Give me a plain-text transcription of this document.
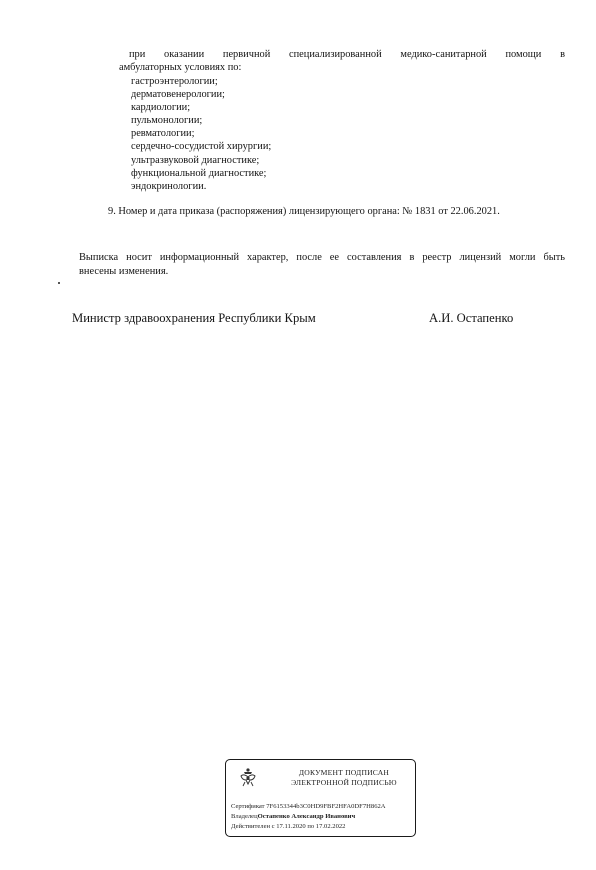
при оказании первичной специализированной медико-санитарной помощи в
амбулаторных условиях по:
гастроэнтерологии;
дерматовенерологии;
кардиологии;
пульмонологии;
ревматологии;
сердечно-сосудистой хирургии;
ультразвуковой диагностике;
функциональной диагностике;
эндокринологии.
9. Номер и дата приказа (распоряжения) лицензирующего органа: № 1831 от 22.06.2021.
Выписка носит информационный характер, после ее составления в реестр лицензий могли быть
внесены изменения.
Министр здравоохранения Республики Крым	А.И. Остапенко
ДОКУМЕНТ ПОДПИСАН
ЭЛЕКТРОННОЙ ПОДПИСЬЮ
Сертификат 7F6153344b3C0HD9FBF2HFA0DF7H862A
ВладелецОстапенко Александр Иванович
Действителен с 17.11.2020 по 17.02.2022
